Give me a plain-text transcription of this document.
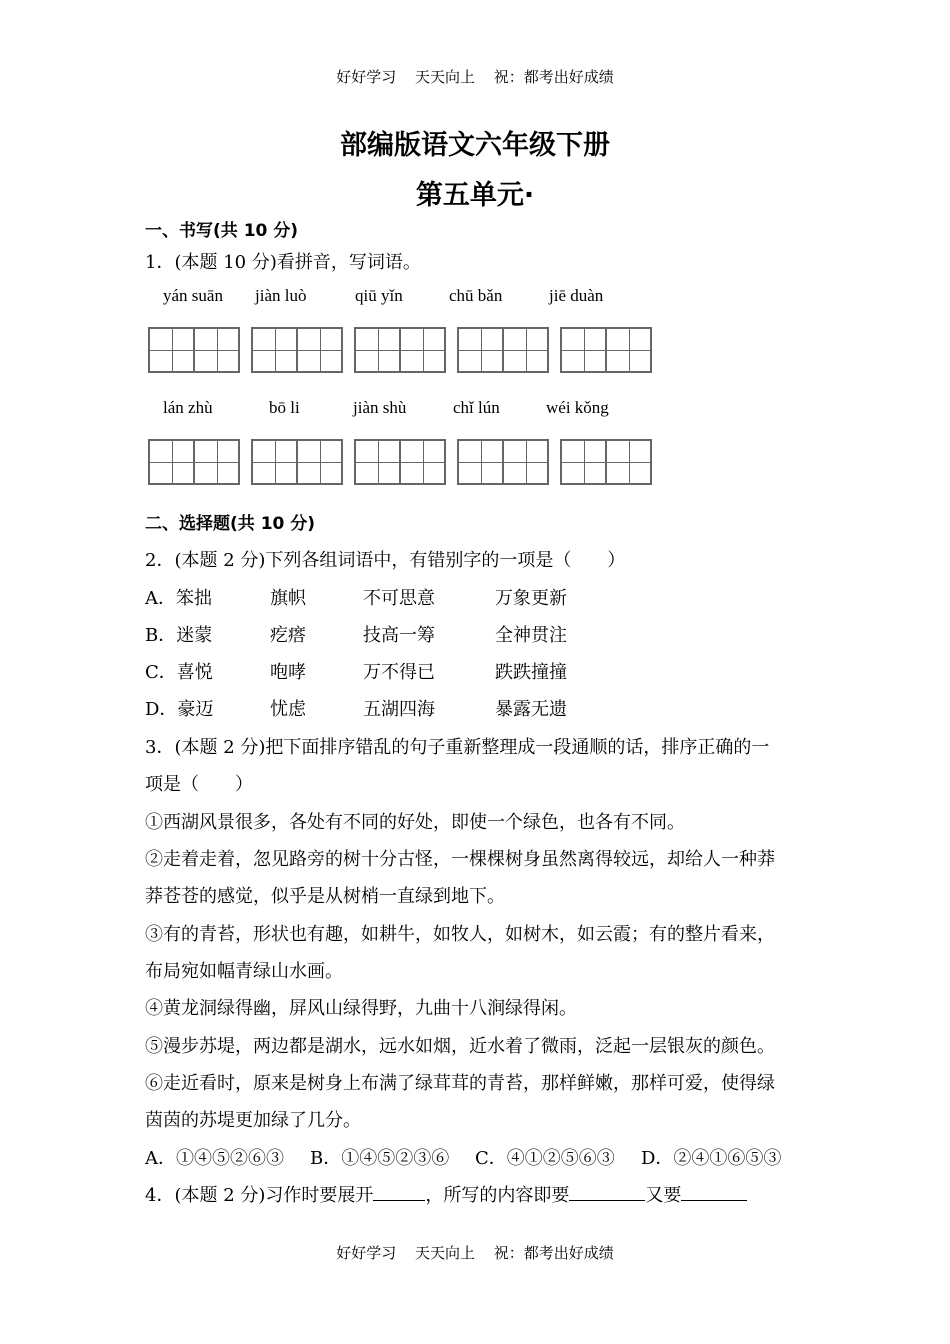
好好学习 天天向上 祝：都考出好成绩
部编版语文六年级下册
第五单元·
一、书写(共 10 分)
1．(本题 10 分)看拼音，写词语。
yán suān jiàn luò	qiū yǐn	chū bǎn	jiē duàn
lán zhù	bō li	jiàn shù	chǐ lún	wéi kǒng
二、选择题(共 10 分)
2．(本题 2 分)下列各组词语中，有错别字的一项是（　　）
A．笨拙	旗帜	不可思意	万象更新
B．迷蒙	疙瘩	技高一筹	全神贯注
C．喜悦	咆哮	万不得已	跌跌撞撞
D．豪迈	忧虑	五湖四海	暴露无遗
3．(本题 2 分)把下面排序错乱的句子重新整理成一段通顺的话，排序正确的一
项是（　　）
①西湖风景很多，各处有不同的好处，即使一个绿色，也各有不同。
②走着走着，忽见路旁的树十分古怪，一棵棵树身虽然离得较远，却给人一种莽
莽苍苍的感觉，似乎是从树梢一直绿到地下。
③有的青苔，形状也有趣，如耕牛，如牧人，如树木，如云霞；有的整片看来，
布局宛如幅青绿山水画。
④黄龙洞绿得幽，屏风山绿得野，九曲十八涧绿得闲。
⑤漫步苏堤，两边都是湖水，远水如烟，近水着了微雨，泛起一层银灰的颜色。
⑥走近看时，原来是树身上布满了绿茸茸的青苔，那样鲜嫩，那样可爱，使得绿
茵茵的苏堤更加绿了几分。
A．①④⑤②⑥③ B．①④⑤②③⑥ C．④①②⑤⑥③ D．②④①⑥⑤③
4．(本题 2 分)习作时要展开	，所写的内容即要	又要
好好学习 天天向上 祝：都考出好成绩
